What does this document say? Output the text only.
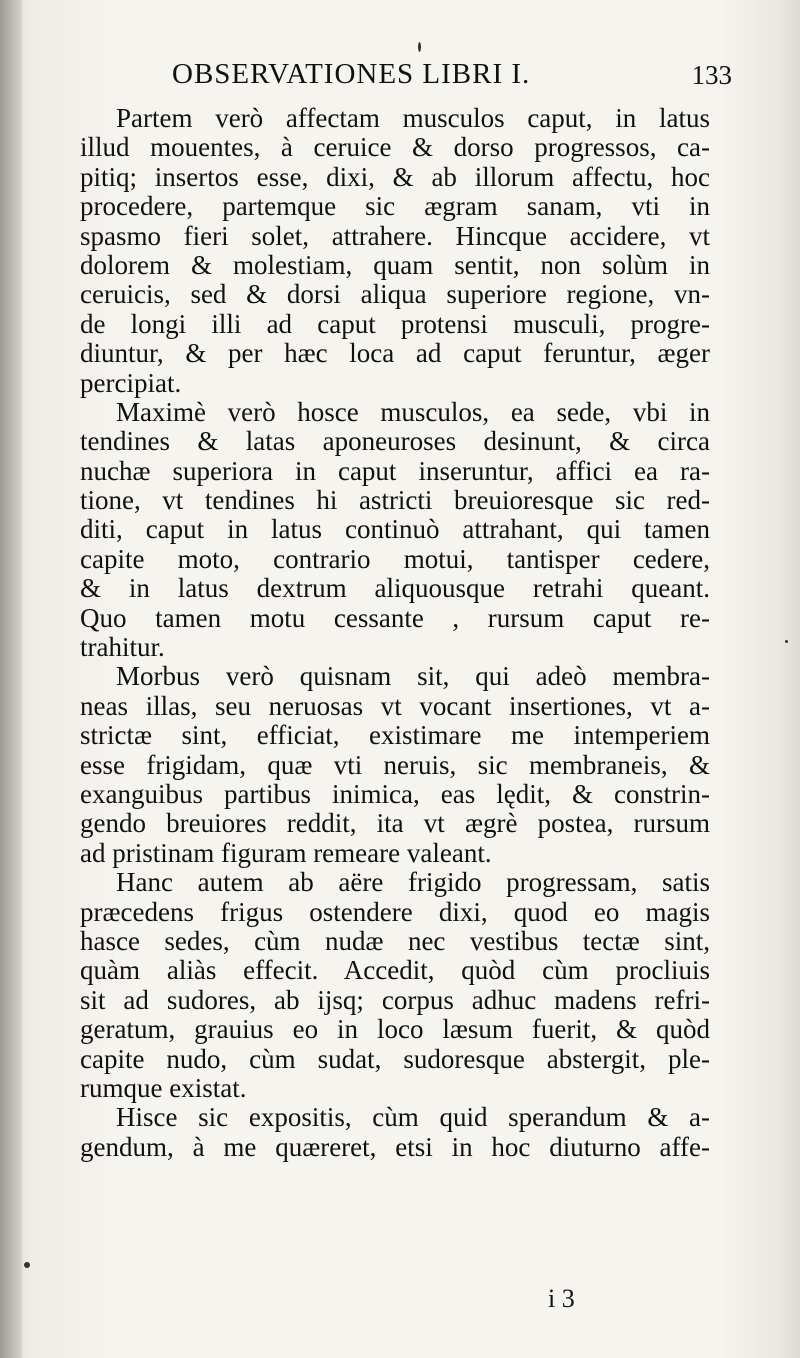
OBSERVATIONES LIBRI I.	133
Partem verò affectam musculos caput, in latus
illud mouentes, à ceruice & dorso progressos, ca-
pitiq; insertos esse, dixi, & ab illorum affectu, hoc
procedere, partemque sic ægram sanam, vti in
spasmo fieri solet, attrahere. Hincque accidere, vt
dolorem & molestiam, quam sentit, non solùm in
ceruicis, sed & dorsi aliqua superiore regione, vn-
de longi illi ad caput protensi musculi, progre-
diuntur, & per hæc loca ad caput feruntur, æger
percipiat.
Maximè verò hosce musculos, ea sede, vbi in
tendines & latas aponeuroses desinunt, & circa
nuchæ superiora in caput inseruntur, affici ea ra-
tione, vt tendines hi astricti breuioresque sic red-
diti, caput in latus continuò attrahant, qui tamen
capite moto, contrario motui, tantisper cedere,
& in latus dextrum aliquousque retrahi queant.
Quo tamen motu cessante , rursum caput re-
trahitur.
Morbus verò quisnam sit, qui adeò membra-
neas illas, seu neruosas vt vocant insertiones, vt a-
strictæ sint, efficiat, existimare me intemperiem
esse frigidam, quæ vti neruis, sic membraneis, &
exanguibus partibus inimica, eas lędit, & constrin-
gendo breuiores reddit, ita vt ægrè postea, rursum
ad pristinam figuram remeare valeant.
Hanc autem ab aëre frigido progressam, satis
præcedens frigus ostendere dixi, quod eo magis
hasce sedes, cùm nudæ nec vestibus tectæ sint,
quàm aliàs effecit. Accedit, quòd cùm procliuis
sit ad sudores, ab ijsq; corpus adhuc madens refri-
geratum, grauius eo in loco læsum fuerit, & quòd
capite nudo, cùm sudat, sudoresque abstergit, ple-
rumque existat.
Hisce sic expositis, cùm quid sperandum & a-
gendum, à me quæreret, etsi in hoc diuturno affe-
i 3
